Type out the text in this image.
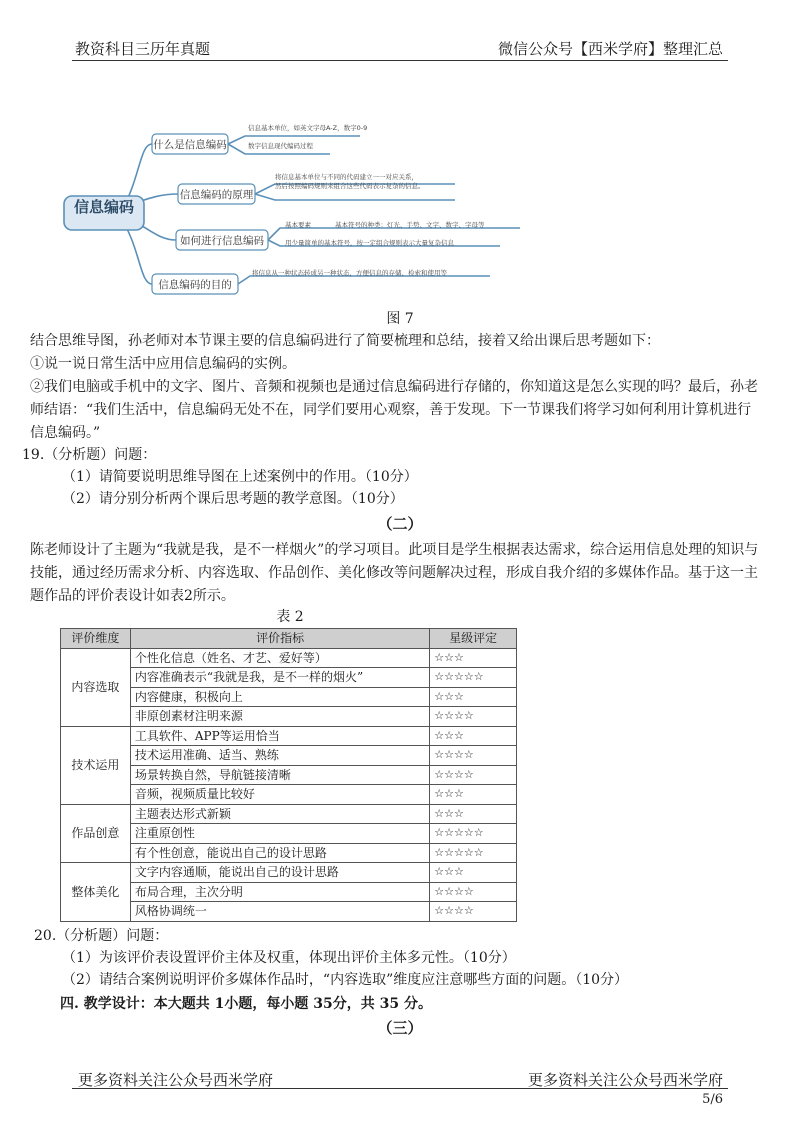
教资科目三历年真题	微信公众号【西米学府】整理汇总
信息编码
什么是信息编码
信息编码的原理
如何进行信息编码
信息编码的目的
信息基本单位，如英文字母A-Z，数字0-9
数字信息现代编码过程
将信息基本单位与不同的代码建立一一对应关系，
然后按照编码规则来组合这些代码表示复杂的信息。
基本要素	基本符号的种类：灯光、手势、文字、数字、字母等
用少量简单的基本符号，按一定组合规则表示大量复杂信息
将信息从一种状态转成另一种状态，方便信息的存储、检索和使用等
图 7
结合思维导图，孙老师对本节课主要的信息编码进行了简要梳理和总结，接着又给出课后思考题如下：
①说一说日常生活中应用信息编码的实例。
②我们电脑或手机中的文字、图片、音频和视频也是通过信息编码进行存储的，你知道这是怎么实现的吗？最后，孙老师结语：“我们生活中，信息编码无处不在，同学们要用心观察，善于发现。下一节课我们将学习如何利用计算机进行信息编码。”
19.（分析题）问题：
（1）请简要说明思维导图在上述案例中的作用。（10分）
（2）请分别分析两个课后思考题的教学意图。（10分）
（二）
陈老师设计了主题为“我就是我，是不一样烟火”的学习项目。此项目是学生根据表达需求，综合运用信息处理的知识与技能，通过经历需求分析、内容选取、作品创作、美化修改等问题解决过程，形成自我介绍的多媒体作品。基于这一主题作品的评价表设计如表2所示。
表 2
评价维度	评价指标	星级评定
内容选取	个性化信息（姓名、才艺、爱好等）	☆☆☆
	内容准确表示“我就是我，是不一样的烟火”	☆☆☆☆☆
	内容健康，积极向上	☆☆☆
	非原创素材注明来源	☆☆☆☆
技术运用	工具软件、APP等运用恰当	☆☆☆
	技术运用准确、适当、熟练	☆☆☆☆
	场景转换自然，导航链接清晰	☆☆☆☆
	音频，视频质量比较好	☆☆☆
作品创意	主题表达形式新颖	☆☆☆
	注重原创性	☆☆☆☆☆
	有个性创意，能说出自己的设计思路	☆☆☆☆☆
整体美化	文字内容通顺，能说出自己的设计思路	☆☆☆
	布局合理，主次分明	☆☆☆☆
	风格协调统一	☆☆☆☆
20.（分析题）问题：
（1）为该评价表设置评价主体及权重，体现出评价主体多元性。（10分）
（2）请结合案例说明评价多媒体作品时，“内容选取”维度应注意哪些方面的问题。（10分）
四. 教学设计：本大题共 1小题，每小题 35分，共 35 分。
（三）
更多资料关注公众号西米学府	更多资料关注公众号西米学府
5/6
